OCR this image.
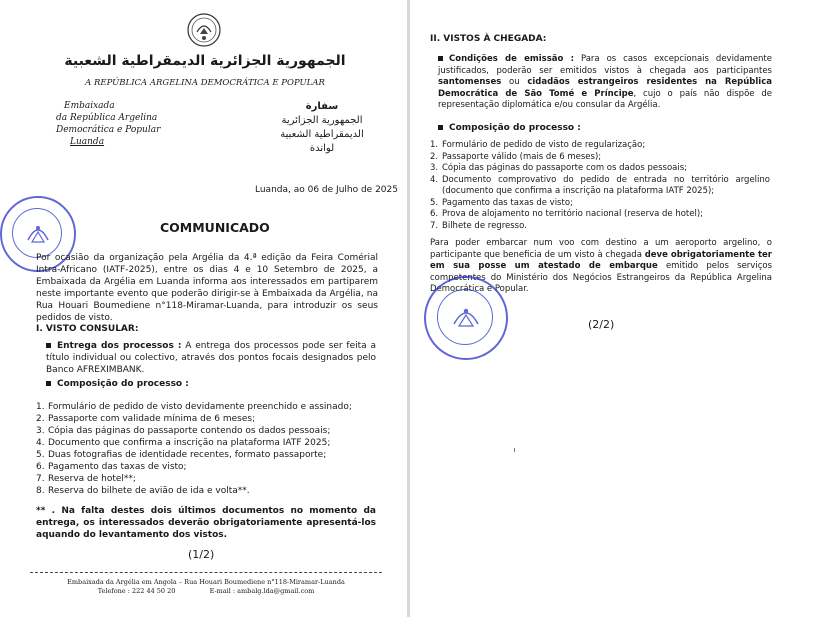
الجمهورية الجزائرية الديمقراطية الشعبية
A REPÚBLICA ARGELINA DEMOCRÁTICA E POPULAR
Embaixada
da República Argelina
Democrática e Popular
Luanda
سفارة
الجمهورية الجزائرية الديمقراطية الشعبية
لواندة
Luanda, ao 06 de Julho de 2025
COMMUNICADO
Por ocasião da organização pela Argélia da 4.ª edição da Feira Comérial Intra-Africano (IATF-2025), entre os dias 4 e 10 Setembro de 2025, a Embaixada da Argélia em Luanda informa aos interessados em partiparem neste importante evento que poderão dirigir-se à Embaixada da Argélia, na Rua Houari Boumediene n°118-Miramar-Luanda, para introduzir os seus pedidos de visto.
I. VISTO CONSULAR:
Entrega dos processos : A entrega dos processos pode ser feita a título individual ou colectivo, através dos pontos focais designados pelo Banco AFREXIMBANK.
Composição do processo :
1. Formulário de pedido de visto devidamente preenchido e assinado;
2. Passaporte com validade mínima de 6 meses;
3. Cópia das páginas do passaporte contendo os dados pessoais;
4. Documento que confirma a inscrição na plataforma IATF 2025;
5. Duas fotografias de identidade recentes, formato passaporte;
6. Pagamento das taxas de visto;
7. Reserva de hotel**;
8. Reserva do bilhete de avião de ida e volta**.
** . Na falta destes dois últimos documentos no momento da entrega, os interessados deverão obrigatoriamente apresentá-los aquando do levantamento dos vistos.
(1/2)
Embaixada da Argélia em Angola – Rua Houari Boumediene n°118-Miramar-Luanda
Telefone : 222 44 50 20	E-mail : ambalg.lda@gmail.com
II. VISTOS À CHEGADA:
Condições de emissão : Para os casos excepcionais devidamente justificados, poderão ser emitidos vistos à chegada aos participantes santomenses ou cidadãos estrangeiros residentes na República Democrática de São Tomé e Príncipe, cujo o país não dispõe de representação diplomática e/ou consular da Argélia.
Composição do processo :
1. Formulário de pedido de visto de regularização;
2. Passaporte válido (mais de 6 meses);
3. Cópia das páginas do passaporte com os dados pessoais;
4. Documento comprovativo do pedido de entrada no território argelino (documento que confirma a inscrição na plataforma IATF 2025);
5. Pagamento das taxas de visto;
6. Prova de alojamento no território nacional (reserva de hotel);
7. Bilhete de regresso.
Para poder embarcar num voo com destino a um aeroporto argelino, o participante que beneficia de um visto à chegada deve obrigatoriamente ter em sua posse um atestado de embarque emitido pelos serviços competentes do Ministério dos Negócios Estrangeiros da República Argelina Democrática e Popular.
(2/2)
